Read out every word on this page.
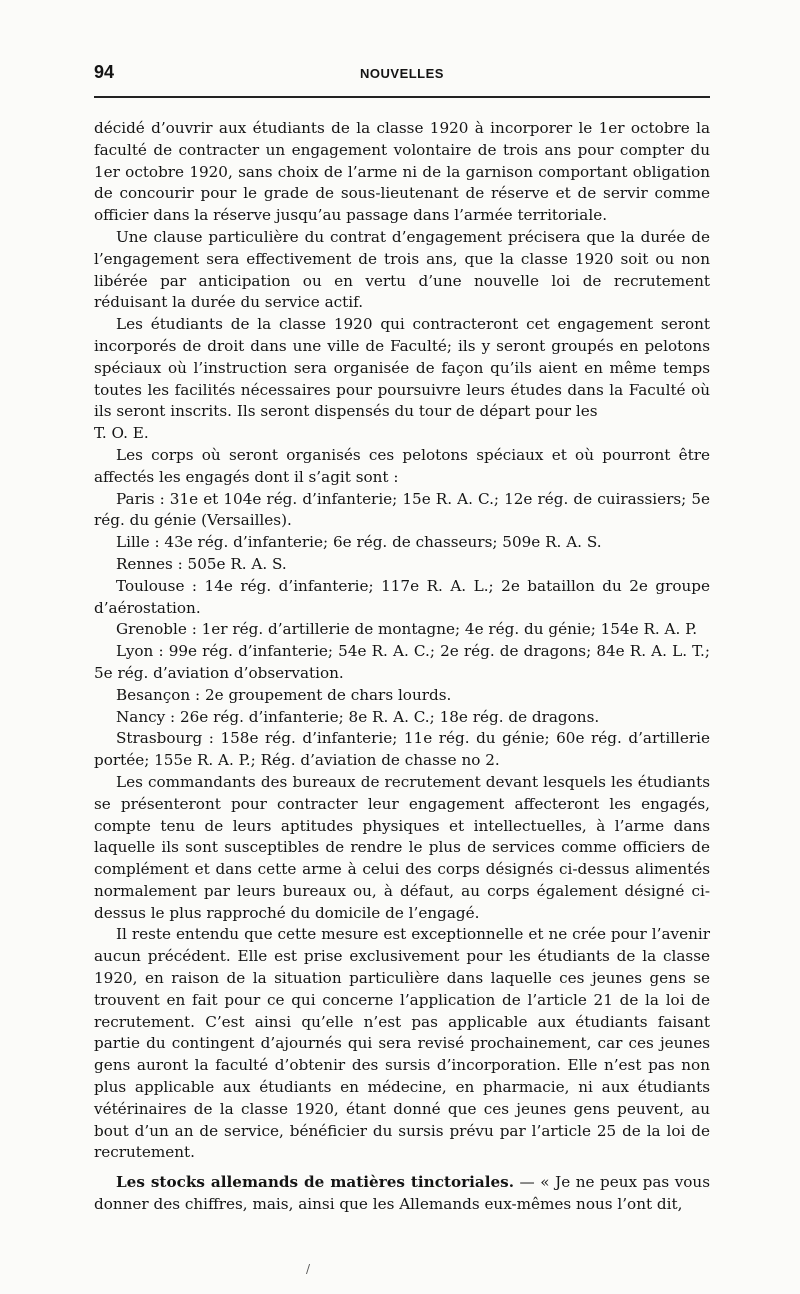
94	NOUVELLES

décidé d’ouvrir aux étudiants de la classe 1920 à incorporer le 1er octobre la faculté de contracter un engagement volontaire de trois ans pour compter du 1er octobre 1920, sans choix de l’arme ni de la garnison comportant obligation de concourir pour le grade de sous-lieutenant de réserve et de servir comme officier dans la réserve jusqu’au passage dans l’armée territoriale.

Une clause particulière du contrat d’engagement précisera que la durée de l’engagement sera effectivement de trois ans, que la classe 1920 soit ou non libérée par anticipation ou en vertu d’une nouvelle loi de recrutement réduisant la durée du service actif.

Les étudiants de la classe 1920 qui contracteront cet engagement seront incorporés de droit dans une ville de Faculté; ils y seront groupés en pelotons spéciaux où l’instruction sera organisée de façon qu’ils aient en même temps toutes les facilités nécessaires pour poursuivre leurs études dans la Faculté où ils seront inscrits. Ils seront dispensés du tour de départ pour les

T. O. E.

Les corps où seront organisés ces pelotons spéciaux et où pourront être affectés les engagés dont il s’agit sont :

Paris : 31e et 104e rég. d’infanterie; 15e R. A. C.; 12e rég. de cuirassiers; 5e rég. du génie (Versailles).

Lille : 43e rég. d’infanterie; 6e rég. de chasseurs; 509e R. A. S.

Rennes : 505e R. A. S.

Toulouse : 14e rég. d’infanterie; 117e R. A. L.; 2e bataillon du 2e groupe d’aérostation.

Grenoble : 1er rég. d’artillerie de montagne; 4e rég. du génie; 154e R. A. P.

Lyon : 99e rég. d’infanterie; 54e R. A. C.; 2e rég. de dragons; 84e R. A. L. T.; 5e rég. d’aviation d’observation.

Besançon : 2e groupement de chars lourds.

Nancy : 26e rég. d’infanterie; 8e R. A. C.; 18e rég. de dragons.

Strasbourg : 158e rég. d’infanterie; 11e rég. du génie; 60e rég. d’artillerie portée; 155e R. A. P.; Rég. d’aviation de chasse no 2.

Les commandants des bureaux de recrutement devant lesquels les étudiants se présenteront pour contracter leur engagement affecteront les engagés, compte tenu de leurs aptitudes physiques et intellectuelles, à l’arme dans laquelle ils sont susceptibles de rendre le plus de services comme officiers de complément et dans cette arme à celui des corps désignés ci-dessus alimentés normalement par leurs bureaux ou, à défaut, au corps également désigné ci-dessus le plus rapproché du domicile de l’engagé.

Il reste entendu que cette mesure est exceptionnelle et ne crée pour l’avenir aucun précédent. Elle est prise exclusivement pour les étudiants de la classe 1920, en raison de la situation particulière dans laquelle ces jeunes gens se trouvent en fait pour ce qui concerne l’application de l’article 21 de la loi de recrutement. C’est ainsi qu’elle n’est pas applicable aux étudiants faisant partie du contingent d’ajournés qui sera revisé prochainement, car ces jeunes gens auront la faculté d’obtenir des sursis d’incorporation. Elle n’est pas non plus applicable aux étudiants en médecine, en pharmacie, ni aux étudiants vétérinaires de la classe 1920, étant donné que ces jeunes gens peuvent, au bout d’un an de service, bénéficier du sursis prévu par l’article 25 de la loi de recrutement.

Les stocks allemands de matières tinctoriales. — « Je ne peux pas vous donner des chiffres, mais, ainsi que les Allemands eux-mêmes nous l’ont dit,

/
